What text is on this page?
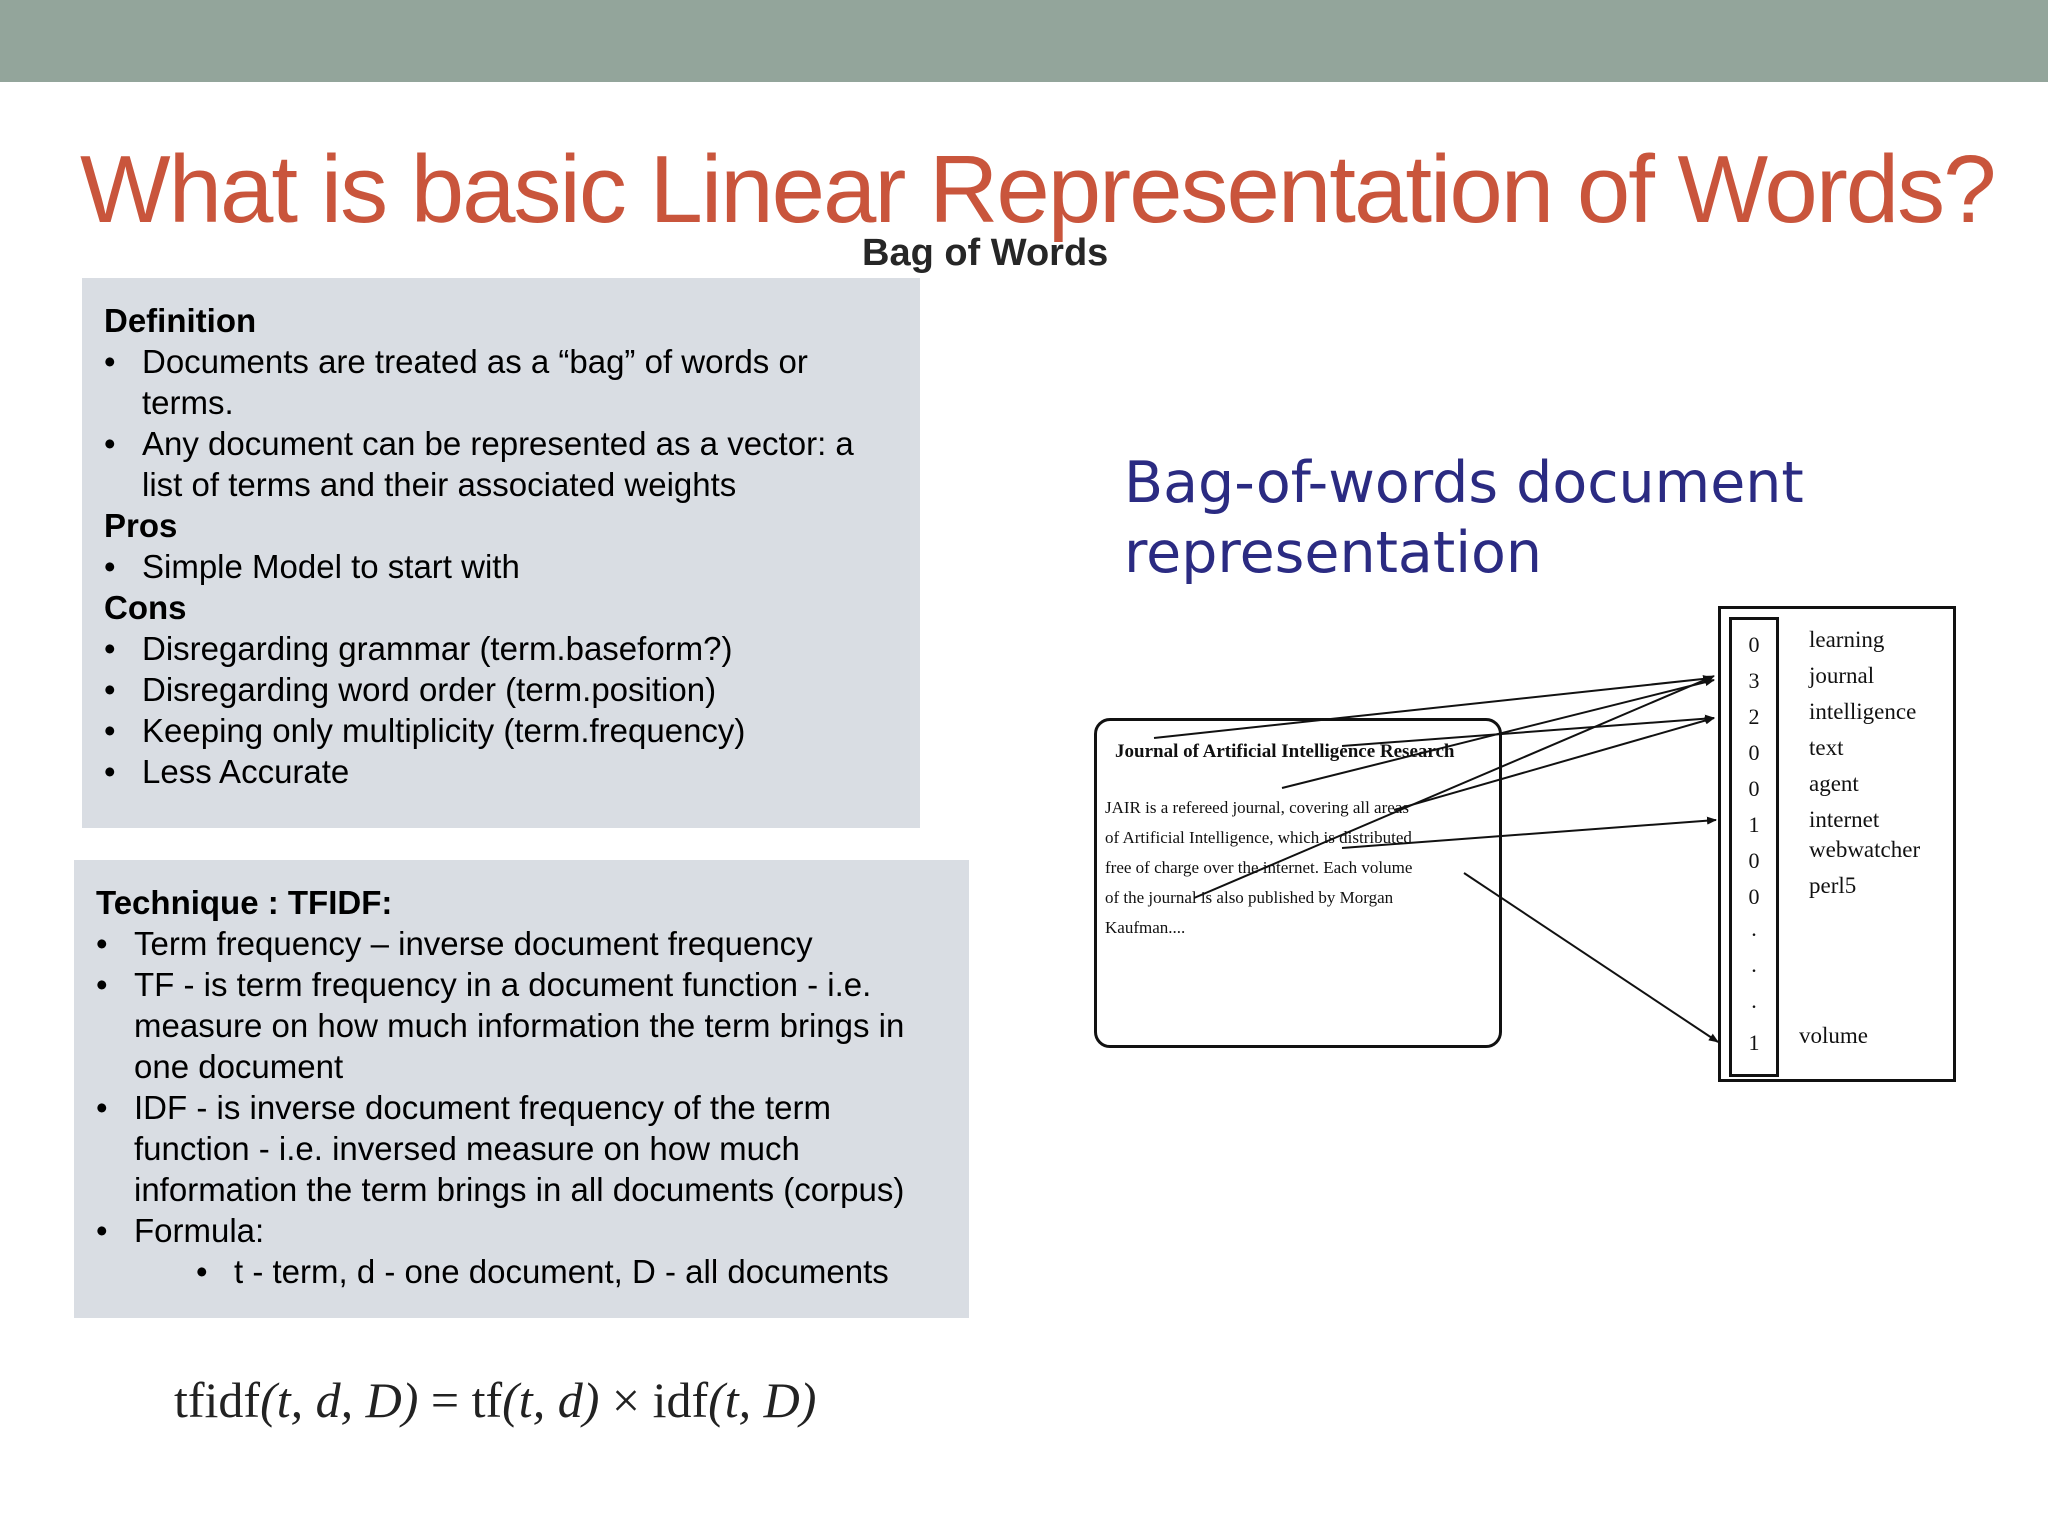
What is basic Linear Representation of Words?
Bag of Words
Definition
• Documents are treated as a “bag” of words or terms.
• Any document can be represented as a vector: a list of terms and their associated weights
Pros
• Simple Model to start with
Cons
• Disregarding grammar (term.baseform?)
• Disregarding word order (term.position)
• Keeping only multiplicity (term.frequency)
• Less Accurate
Technique : TFIDF:
• Term frequency – inverse document frequency
• TF - is term frequency in a document function - i.e. measure on how much information the term brings in one document
• IDF - is inverse document frequency of the term function - i.e. inversed measure on how much information the term brings in all documents (corpus)
• Formula:
• t - term, d - one document, D - all documents
tfidf(t, d, D) = tf(t, d) × idf(t, D)
Bag-of-words document representation
Journal of Artificial Intelligence Research
JAIR is a refereed journal, covering all areas
of Artificial Intelligence, which is distributed
free of charge over the internet. Each volume
of the journal is also published by Morgan
Kaufman....
0
3
2
0
0
1
0
0
.
.
.
1
learning
journal
intelligence
text
agent
internet
webwatcher
perl5
volume
